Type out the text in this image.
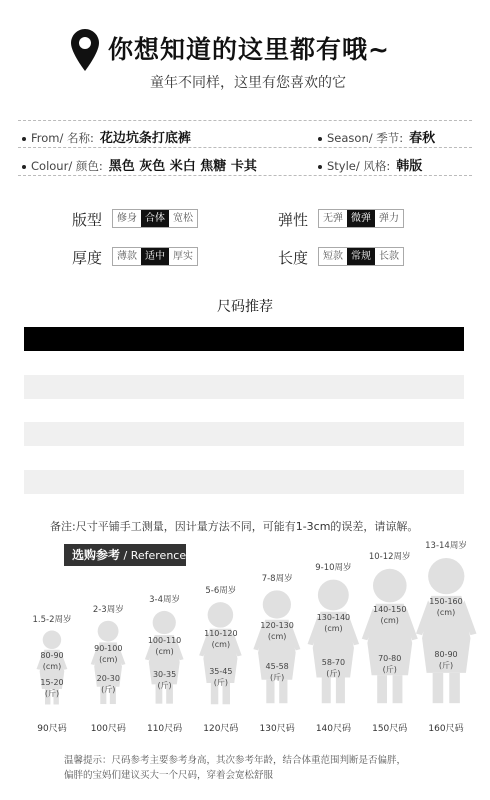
你想知道的这里都有哦~
童年不同样，这里有您喜欢的它
From/ 名称: 花边坑条打底裤	Season/ 季节: 春秋
Colour/ 颜色: 黑色 灰色 米白 焦糖 卡其	Style/ 风格: 韩版
版型	修身 合体 宽松	弹性	无弹 微弹 弹力
厚度	薄款 适中 厚实	长度	短款 常规 长款
尺码推荐
备注:尺寸平铺手工测量，因计量方法不同，可能有1-3cm的误差，请谅解。
选购参考 / Reference
1.5-2周岁
80-90
(cm)
15-20
(斤)
90尺码
2-3周岁
90-100
(cm)
20-30
(斤)
100尺码
3-4周岁
100-110
(cm)
30-35
(斤)
110尺码
5-6周岁
110-120
(cm)
35-45
(斤)
120尺码
7-8周岁
120-130
(cm)
45-58
(斤)
130尺码
9-10周岁
130-140
(cm)
58-70
(斤)
140尺码
10-12周岁
140-150
(cm)
70-80
(斤)
150尺码
13-14周岁
150-160
(cm)
80-90
(斤)
160尺码
温馨提示：尺码参考主要参考身高，其次参考年龄，结合体重范围判断是否偏胖，
偏胖的宝妈们建议买大一个尺码，穿着会宽松舒服
